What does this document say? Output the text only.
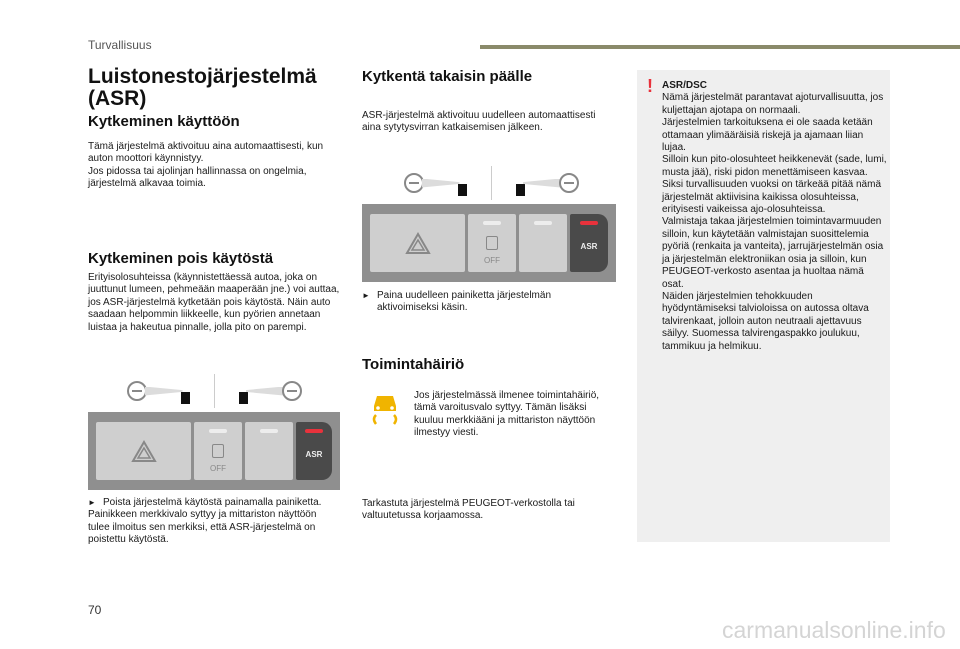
Turvallisuus
Luistonestojärjestelmä (ASR)
Kytkeminen käyttöön

Tämä järjestelmä aktivoituu aina automaattisesti, kun auton moottori käynnistyy.

Jos pidossa tai ajolinjan hallinnassa on ongelmia, järjestelmä alkavaa toimia.

Kytkeminen pois käytöstä
Erityisolosuhteissa (käynnistettäessä autoa, joka on juuttunut lumeen, pehmeään maaperään jne.) voi auttaa, jos ASR-järjestelmä kytketään pois käytöstä. Näin auto saadaan helpommin liikkeelle, kun pyörien annetaan luistaa ja hakeutua pinnalle, jolla pito on parempi.
OFF
ASR

► Poista järjestelmä käytöstä painamalla painiketta.

Painikkeen merkkivalo syttyy ja mittariston näyttöön tulee ilmoitus sen merkiksi, että ASR-järjestelmä on poistettu käytöstä.

Kytkentä takaisin päälle
ASR-järjestelmä aktivoituu uudelleen automaattisesti aina sytytysvirran katkaisemisen jälkeen.
OFF
ASR

► Paina uudelleen painiketta järjestelmän aktivoimiseksi käsin.

Toimintahäiriö
Jos järjestelmässä ilmenee toimintahäiriö, tämä varoitusvalo syttyy. Tämän lisäksi kuuluu merkkiääni ja mittariston näyttöön ilmestyy viesti.
Tarkastuta järjestelmä PEUGEOT-verkostolla tai valtuutetussa korjaamossa.
! ASR/DSC

Nämä järjestelmät parantavat ajoturvallisuutta, jos kuljettajan ajotapa on normaali.

Järjestelmien tarkoituksena ei ole saada ketään ottamaan ylimääräisiä riskejä ja ajamaan liian lujaa.

Silloin kun pito-olosuhteet heikkenevät (sade, lumi, musta jää), riski pidon menettämiseen kasvaa. Siksi turvallisuuden vuoksi on tärkeää pitää nämä järjestelmät aktiivisina kaikissa olosuhteissa, erityisesti vaikeissa ajo-olosuhteissa.

Valmistaja takaa järjestelmien toimintavarmuuden silloin, kun käytetään valmistajan suosittelemia pyöriä (renkaita ja vanteita), jarrujärjestelmän osia ja järjestelmän elektroniikan osia ja silloin, kun PEUGEOT-verkosto asentaa ja huoltaa nämä osat.

Näiden järjestelmien tehokkuuden hyödyntämiseksi talvioloissa on autossa oltava talvirenkaat, jolloin auton neutraali ajettavuus säilyy. Suomessa talvirengaspakko joulukuu, tammikuu ja helmikuu.

70
carmanualsonline.info
